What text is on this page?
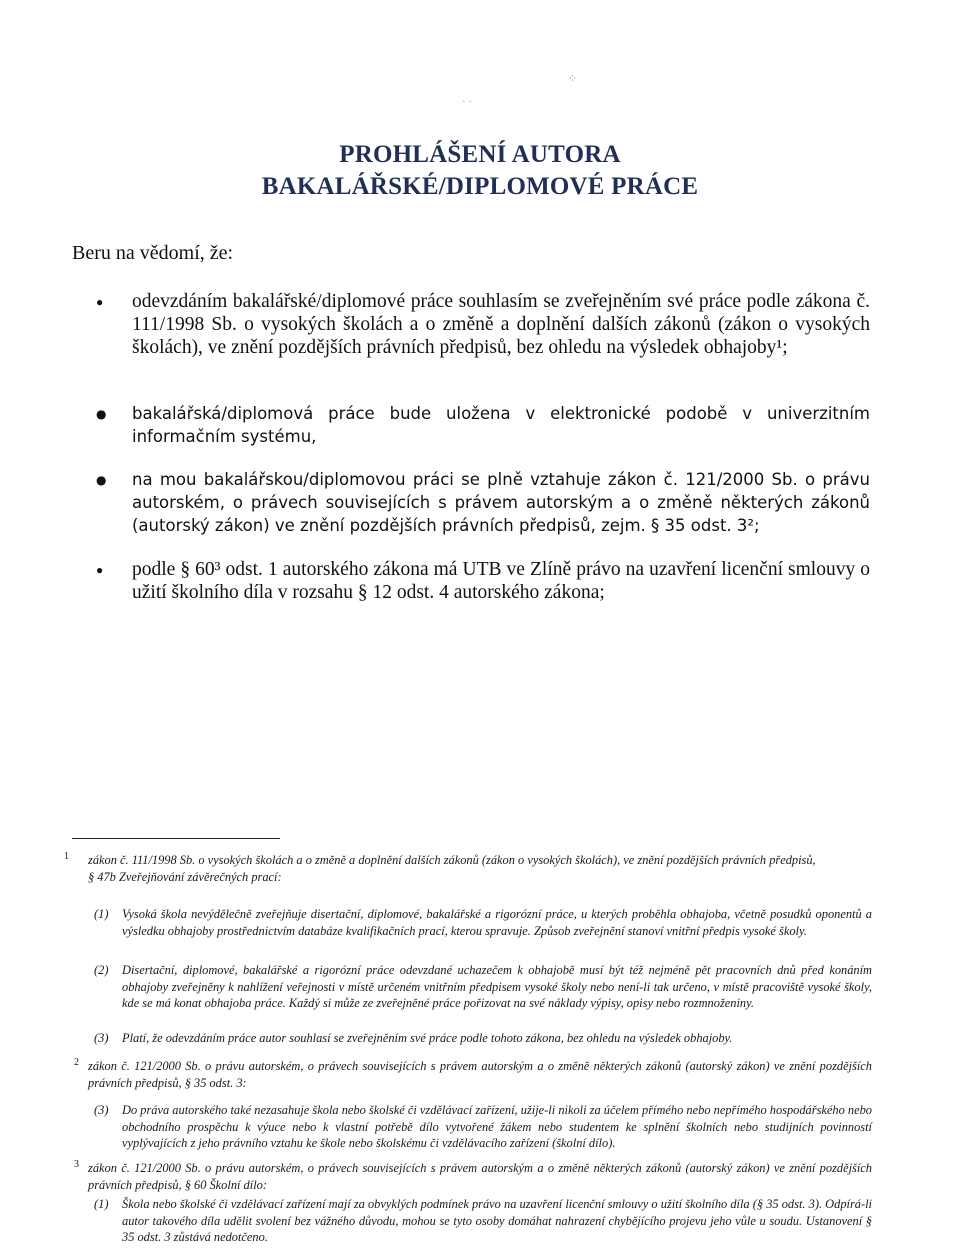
· ·
⁘
PROHLÁŠENÍ AUTORA
BAKALÁŘSKÉ/DIPLOMOVÉ PRÁCE
Beru na vědomí, že:
● odevzdáním bakalářské/diplomové práce souhlasím se zveřejněním své práce podle zákona č. 111/1998 Sb. o vysokých školách a o změně a doplnění dalších zákonů (zákon o vysokých školách), ve znění pozdějších právních předpisů, bez ohledu na výsledek obhajoby¹;
● bakalářská/diplomová práce bude uložena v elektronické podobě v univerzitním informačním systému,
● na mou bakalářskou/diplomovou práci se plně vztahuje zákon č. 121/2000 Sb. o právu autorském, o právech souvisejících s právem autorským a o změně některých zákonů (autorský zákon) ve znění pozdějších právních předpisů, zejm. § 35 odst. 3²;
● podle § 60³ odst. 1 autorského zákona má UTB ve Zlíně právo na uzavření licenční smlouvy o užití školního díla v rozsahu § 12 odst. 4 autorského zákona;
1 zákon č. 111/1998 Sb. o vysokých školách a o změně a doplnění dalších zákonů (zákon o vysokých školách), ve znění pozdějších právních předpisů,
§ 47b Zveřejňování závěrečných prací:
(1) Vysoká škola nevýdělečně zveřejňuje disertační, diplomové, bakalářské a rigorózní práce, u kterých proběhla obhajoba, včetně posudků oponentů a výsledku obhajoby prostřednictvím databáze kvalifikačních prací, kterou spravuje. Způsob zveřejnění stanoví vnitřní předpis vysoké školy.
(2) Disertační, diplomové, bakalářské a rigorózní práce odevzdané uchazečem k obhajobě musí být též nejméně pět pracovních dnů před konáním obhajoby zveřejněny k nahlížení veřejnosti v místě určeném vnitřním předpisem vysoké školy nebo není-li tak určeno, v místě pracoviště vysoké školy, kde se má konat obhajoba práce. Každý si může ze zveřejněné práce pořizovat na své náklady výpisy, opisy nebo rozmnoženiny.
(3) Platí, že odevzdáním práce autor souhlasí se zveřejněním své práce podle tohoto zákona, bez ohledu na výsledek obhajoby.
2 zákon č. 121/2000 Sb. o právu autorském, o právech souvisejících s právem autorským a o změně některých zákonů (autorský zákon) ve znění pozdějších právních předpisů, § 35 odst. 3:
(3) Do práva autorského také nezasahuje škola nebo školské či vzdělávací zařízení, užije-li nikoli za účelem přímého nebo nepřímého hospodářského nebo obchodního prospěchu k výuce nebo k vlastní potřebě dílo vytvořené žákem nebo studentem ke splnění školních nebo studijních povinností vyplývajících z jeho právního vztahu ke škole nebo školskému či vzdělávacího zařízení (školní dílo).
3 zákon č. 121/2000 Sb. o právu autorském, o právech souvisejících s právem autorským a o změně některých zákonů (autorský zákon) ve znění pozdějších právních předpisů, § 60 Školní dílo:
(1) Škola nebo školské či vzdělávací zařízení mají za obvyklých podmínek právo na uzavření licenční smlouvy o užití školního díla (§ 35 odst. 3). Odpírá-li autor takového díla udělit svolení bez vážného důvodu, mohou se tyto osoby domáhat nahrazení chybějícího projevu jeho vůle u soudu. Ustanovení § 35 odst. 3 zůstává nedotčeno.
